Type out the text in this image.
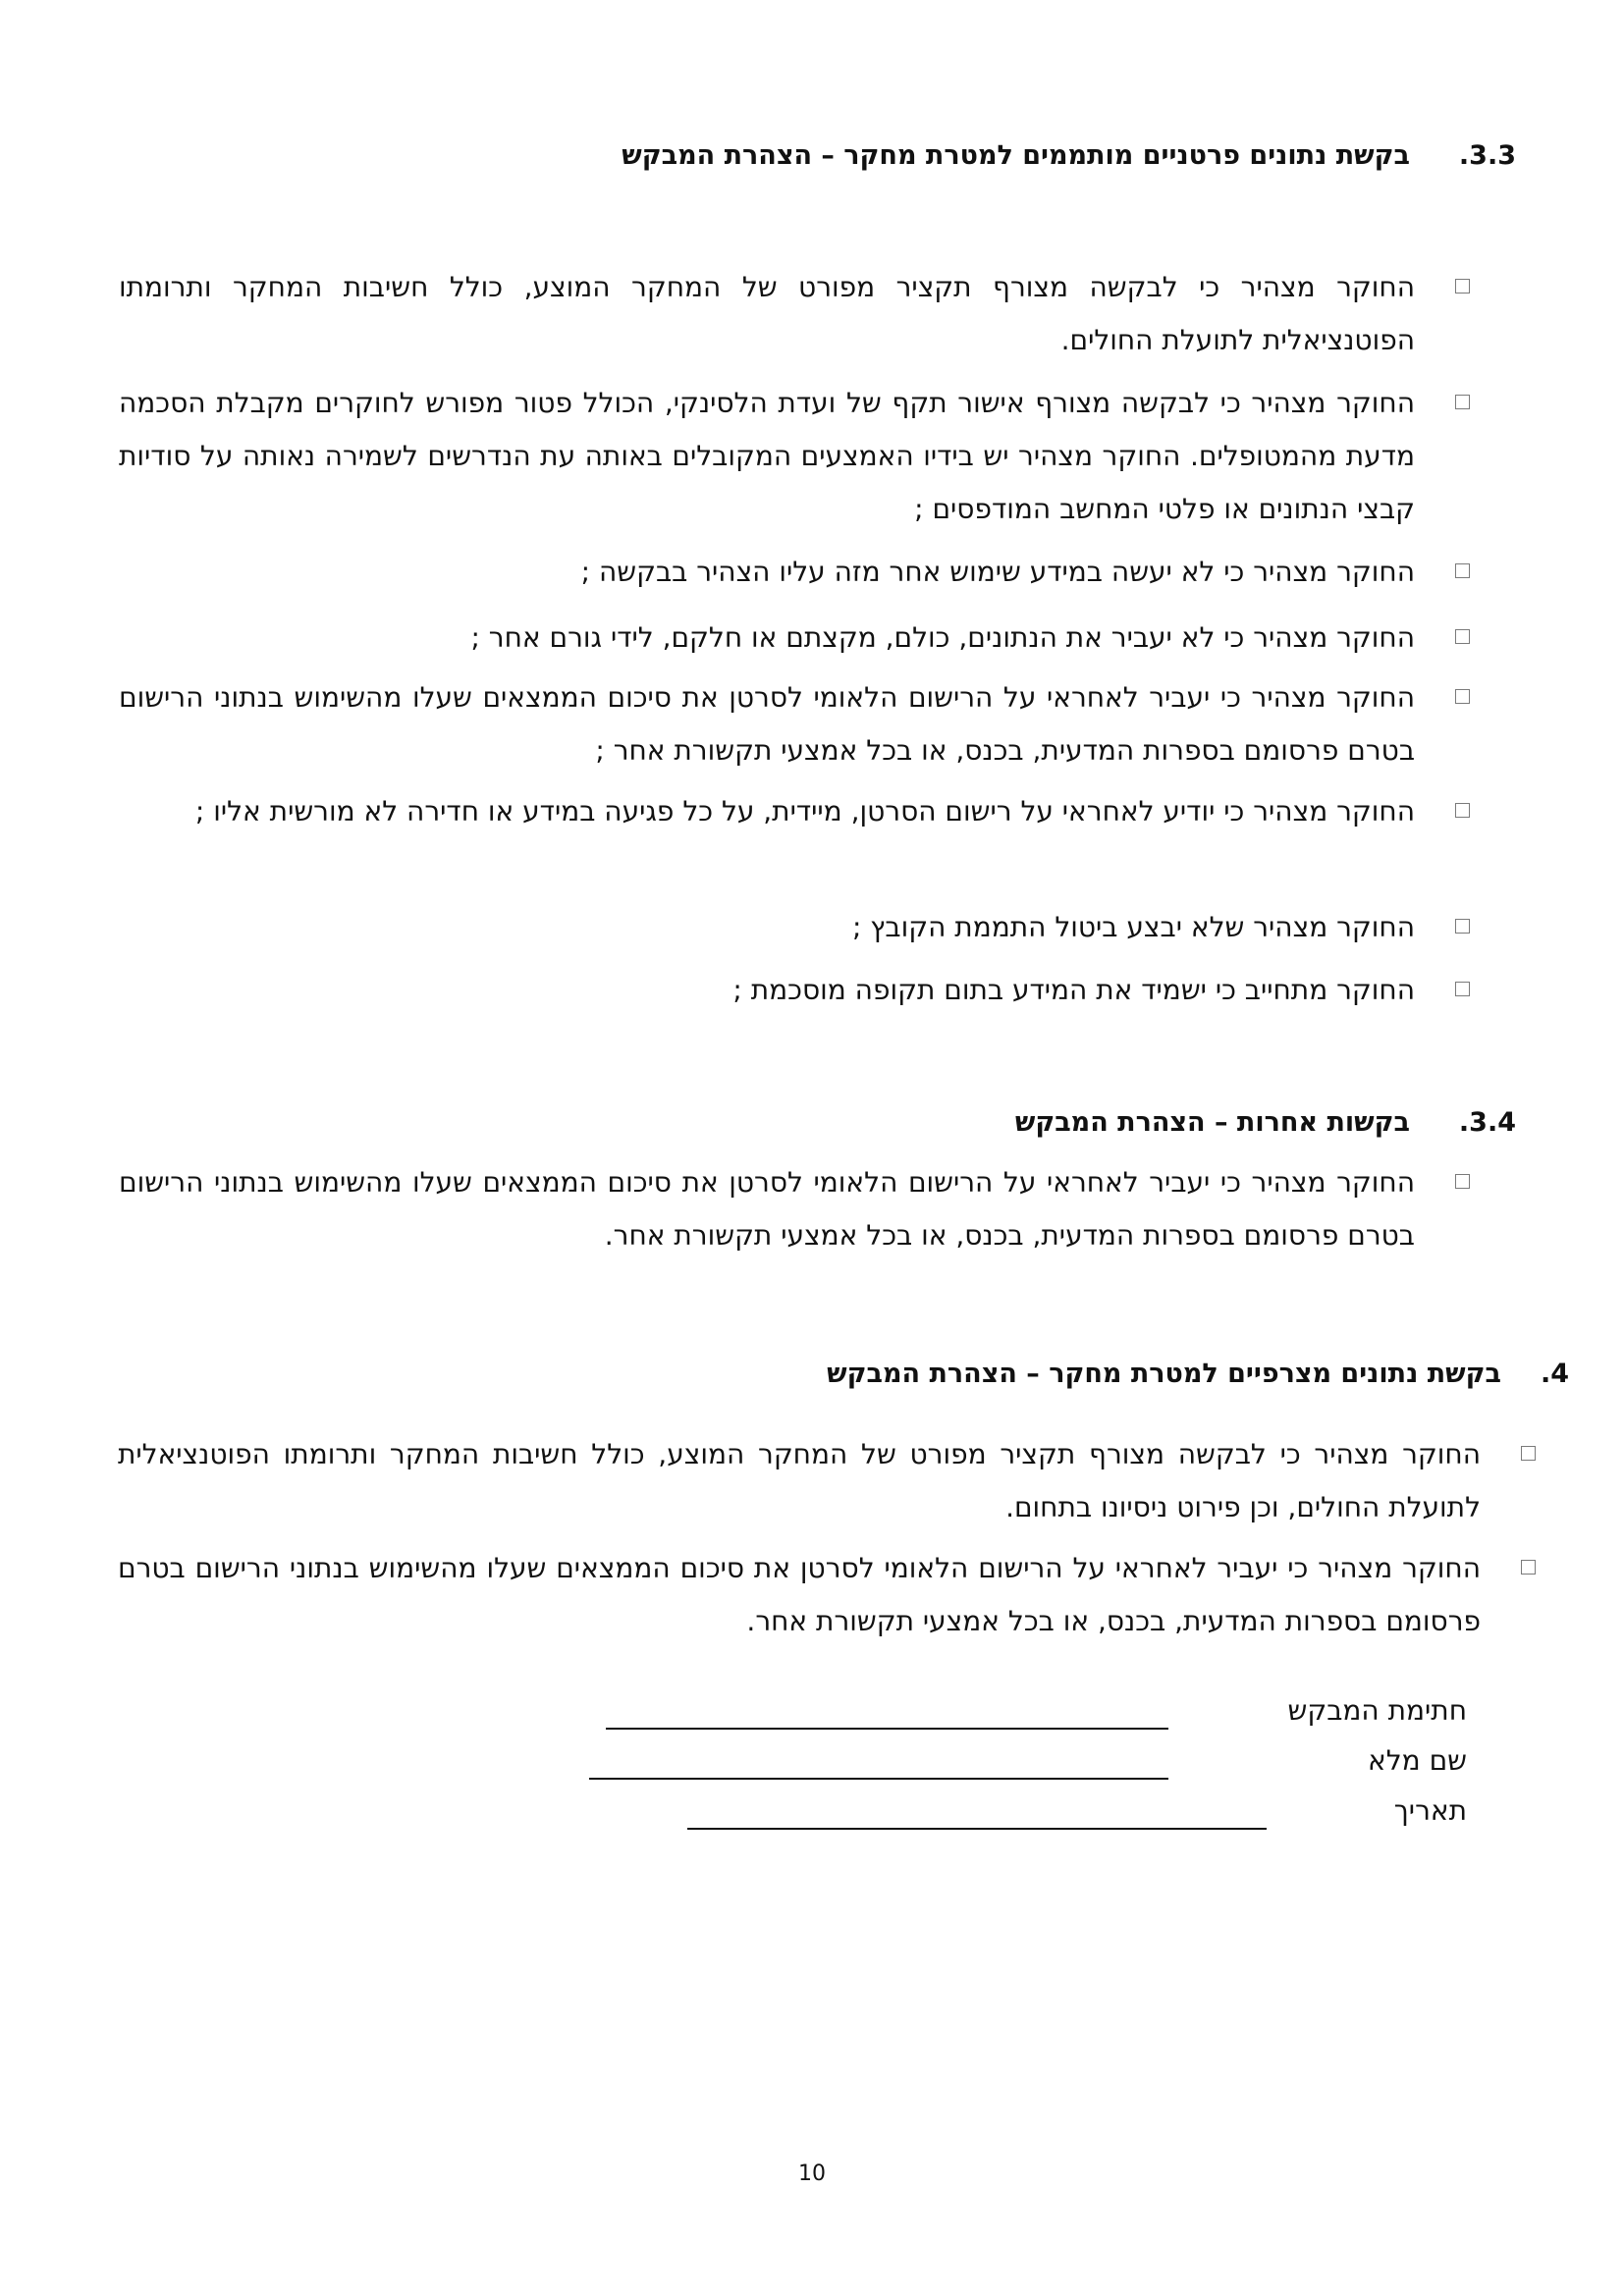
.3.3
בקשת נתונים פרטניים מותממים למטרת מחקר – הצהרת המבקש
החוקר מצהיר כי לבקשה מצורף תקציר מפורט של המחקר המוצע, כולל חשיבות המחקר ותרומתו הפוטנציאלית לתועלת החולים.
החוקר מצהיר כי לבקשה מצורף אישור תקף של ועדת הלסינקי, הכולל פטור מפורש לחוקרים מקבלת הסכמה מדעת מהמטופלים. החוקר מצהיר יש בידיו האמצעים המקובלים באותה עת הנדרשים לשמירה נאותה על סודיות קבצי הנתונים או פלטי המחשב המודפסים ;
החוקר מצהיר כי לא יעשה במידע שימוש אחר מזה עליו הצהיר בבקשה ;
החוקר מצהיר כי לא יעביר את הנתונים, כולם, מקצתם או חלקם, לידי גורם אחר ;
החוקר מצהיר כי יעביר לאחראי על הרישום הלאומי לסרטן את סיכום הממצאים שעלו מהשימוש בנתוני הרישום בטרם פרסומם בספרות המדעית, בכנס, או בכל אמצעי תקשורת אחר ;
החוקר מצהיר כי יודיע לאחראי על רישום הסרטן, מיידית, על כל פגיעה במידע או חדירה לא מורשית אליו ;
החוקר מצהיר שלא יבצע ביטול התממת הקובץ ;
החוקר מתחייב כי ישמיד את המידע בתום תקופה מוסכמת ;
.3.4
בקשות אחרות – הצהרת המבקש
החוקר מצהיר כי יעביר לאחראי על הרישום הלאומי לסרטן את סיכום הממצאים שעלו מהשימוש בנתוני הרישום בטרם פרסומם בספרות המדעית, בכנס, או בכל אמצעי תקשורת אחר.
.4
בקשת נתונים מצרפיים למטרת מחקר – הצהרת המבקש
החוקר מצהיר כי לבקשה מצורף תקציר מפורט של המחקר המוצע, כולל חשיבות המחקר ותרומתו הפוטנציאלית לתועלת החולים, וכן פירוט ניסיונו בתחום.
החוקר מצהיר כי יעביר לאחראי על הרישום הלאומי לסרטן את סיכום הממצאים שעלו מהשימוש בנתוני הרישום בטרם פרסומם בספרות המדעית, בכנס, או בכל אמצעי תקשורת אחר.
חתימת המבקש
שם מלא
תאריך
10
